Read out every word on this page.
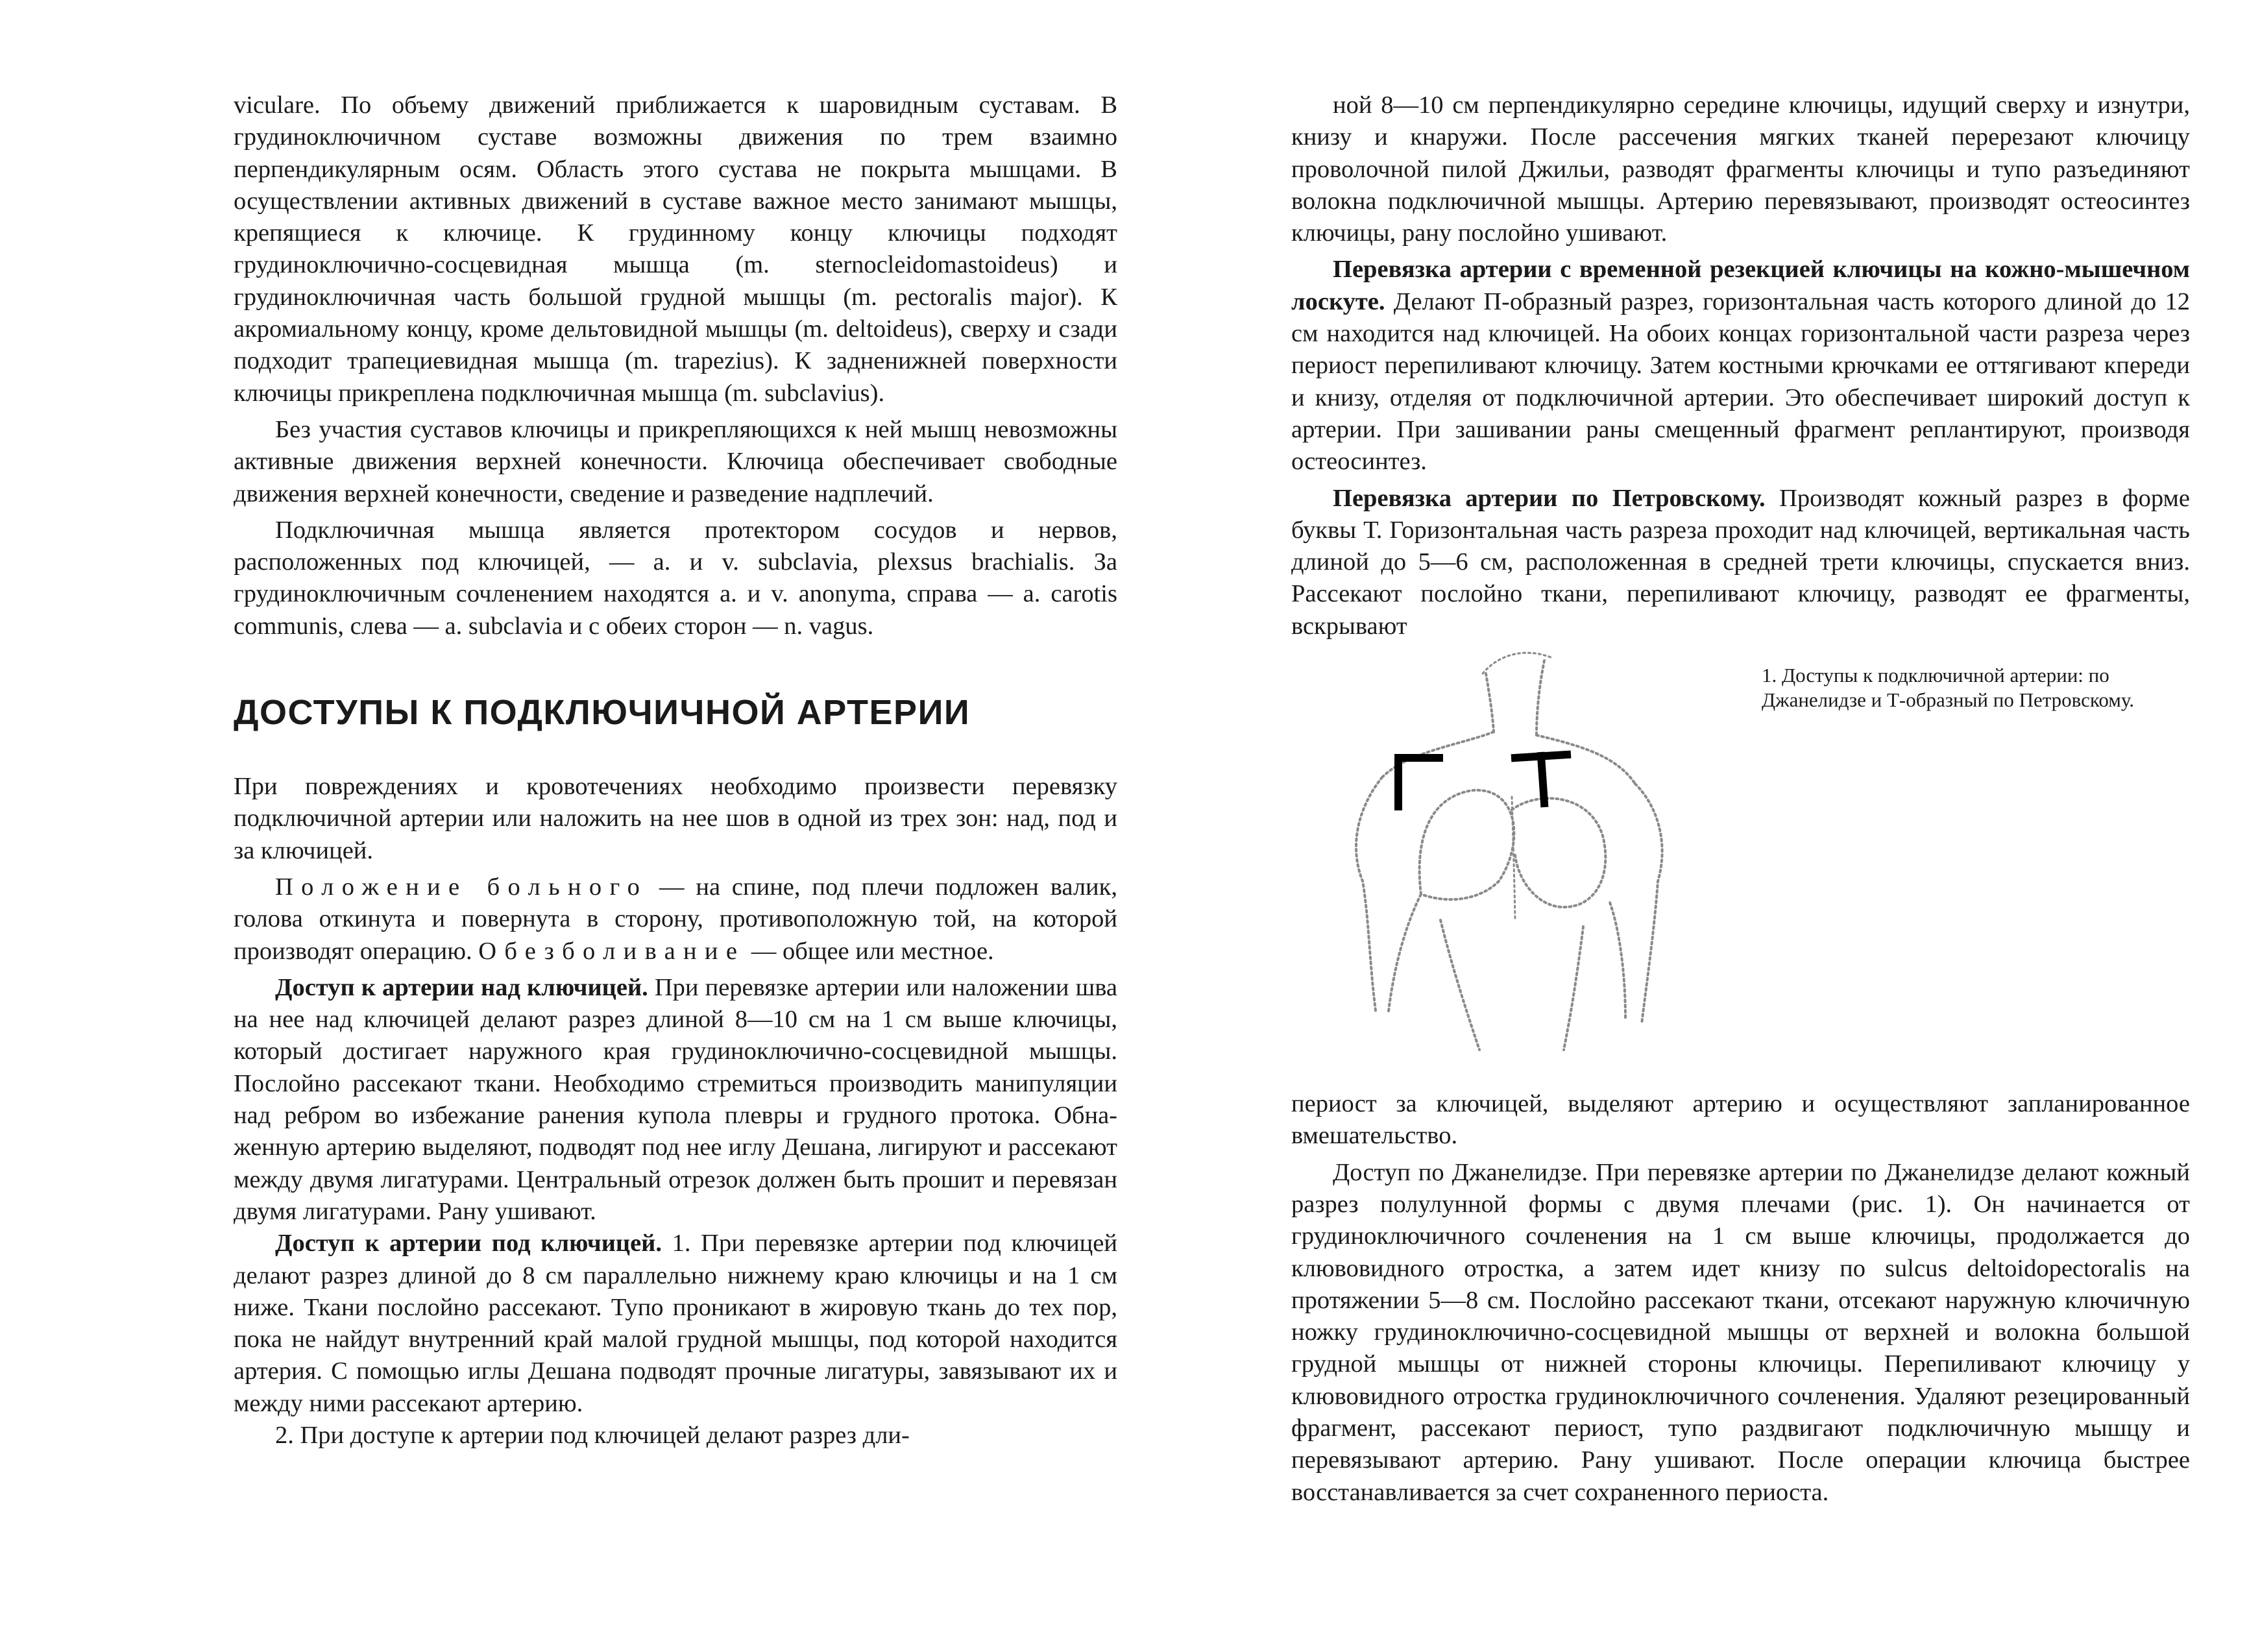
viculare. По объему движений приближается к шаровидным суставам. В грудиноключичном суставе возможны движения по трем взаимно перпендикулярным осям. Область этого сустава не покрыта мышцами. В осуществлении активных движений в суставе важное место занимают мышцы, крепящиеся к ключице. К грудинному концу ключицы подходят грудиноключично-сосцевидная мышца (m. sternocleidomastoideus) и грудиноключичная часть большой грудной мышцы (m. pectoralis major). К акромиальному концу, кроме дельтовидной мышцы (m. deltoideus), сверху и сзади подходит трапециевидная мышца (m. trapezius). К задненижней поверхности ключицы прикреплена подключичная мышца (m. subclavius).

Без участия суставов ключицы и прикрепляющихся к ней мышц невозможны активные движения верхней конечности. Ключица обеспечивает свободные движения верхней конечности, сведение и разведение надплечий.

Подключичная мышца является протектором сосудов и нервов, расположенных под ключицей, — a. и v. subclavia, plexsus brachialis. За грудиноключичным сочленением находятся a. и v. anonyma, справа — a. carotis communis, слева — a. subclavia и с обеих сторон — n. vagus.

ДОСТУПЫ К ПОДКЛЮЧИЧНОЙ АРТЕРИИ

При повреждениях и кровотечениях необходимо произвести перевязку подключичной артерии или наложить на нее шов в одной из трех зон: над, под и за ключицей.

Положение больного — на спине, под плечи подложен валик, голова откинута и повернута в сторону, противоположную той, на которой производят операцию. Обезболивание — общее или местное.

Доступ к артерии над ключицей. При перевязке артерии или наложении шва на нее над ключицей делают разрез длиной 8—10 см на 1 см выше ключицы, который достигает наружного края грудиноключично-сосцевидной мышцы. Послойно рассекают ткани. Необходимо стремиться производить манипуляции над ребром во избежание ранения купола плевры и грудного протока. Обнаженную артерию выделяют, подводят под нее иглу Дешана, лигируют и рассекают между двумя лигатурами. Центральный отрезок должен быть прошит и перевязан двумя лигатурами. Рану ушивают.

Доступ к артерии под ключицей. 1. При перевязке артерии под ключицей делают разрез длиной до 8 см параллельно нижнему краю ключицы и на 1 см ниже. Ткани послойно рассекают. Тупо проникают в жировую ткань до тех пор, пока не найдут внутренний край малой грудной мышцы, под которой находится артерия. С помощью иглы Дешана подводят прочные лигатуры, завязывают их и между ними рассекают артерию.

2. При доступе к артерии под ключицей делают разрез дли-

ной 8—10 см перпендикулярно середине ключицы, идущий сверху и изнутри, книзу и кнаружи. После рассечения мягких тканей перерезают ключицу проволочной пилой Джильи, разводят фрагменты ключицы и тупо разъединяют волокна подключичной мышцы. Артерию перевязывают, производят остеосинтез ключицы, рану послойно ушивают.

Перевязка артерии с временной резекцией ключицы на кожно-мышечном лоскуте. Делают П-образный разрез, горизонтальная часть которого длиной до 12 см находится над ключицей. На обоих концах горизонтальной части разреза через периост перепиливают ключицу. Затем костными крючками ее оттягивают кпереди и книзу, отделяя от подключичной артерии. Это обеспечивает широкий доступ к артерии. При зашивании раны смещенный фрагмент реплантируют, производя остеосинтез.

Перевязка артерии по Петровскому. Производят кожный разрез в форме буквы Т. Горизонтальная часть разреза проходит над ключицей, вертикальная часть длиной до 5—6 см, расположенная в средней трети ключицы, спускается вниз. Рассекают послойно ткани, перепиливают ключицу, разводят ее фрагменты, вскрывают

1. Доступы к подключичной артерии: по Джанелидзе и Т-образный по Петровскому.

периост за ключицей, выделяют артерию и осуществляют запланированное вмешательство.

Доступ по Джанелидзе. При перевязке артерии по Джанелидзе делают кожный разрез полулунной формы с двумя плечами (рис. 1). Он начинается от грудиноключичного сочленения на 1 см выше ключицы, продолжается до клювовидного отростка, а затем идет книзу по sulcus deltoidopectoralis на протяжении 5—8 см. Послойно рассекают ткани, отсекают наружную ключичную ножку грудиноключично-сосцевидной мышцы от верхней и волокна большой грудной мышцы от нижней стороны ключицы. Перепиливают ключицу у клювовидного отростка грудиноключичного сочленения. Удаляют резецированный фрагмент, рассекают периост, тупо раздвигают подключичную мышцу и перевязывают артерию. Рану ушивают. После операции ключица быстрее восстанавливается за счет сохраненного периоста.
